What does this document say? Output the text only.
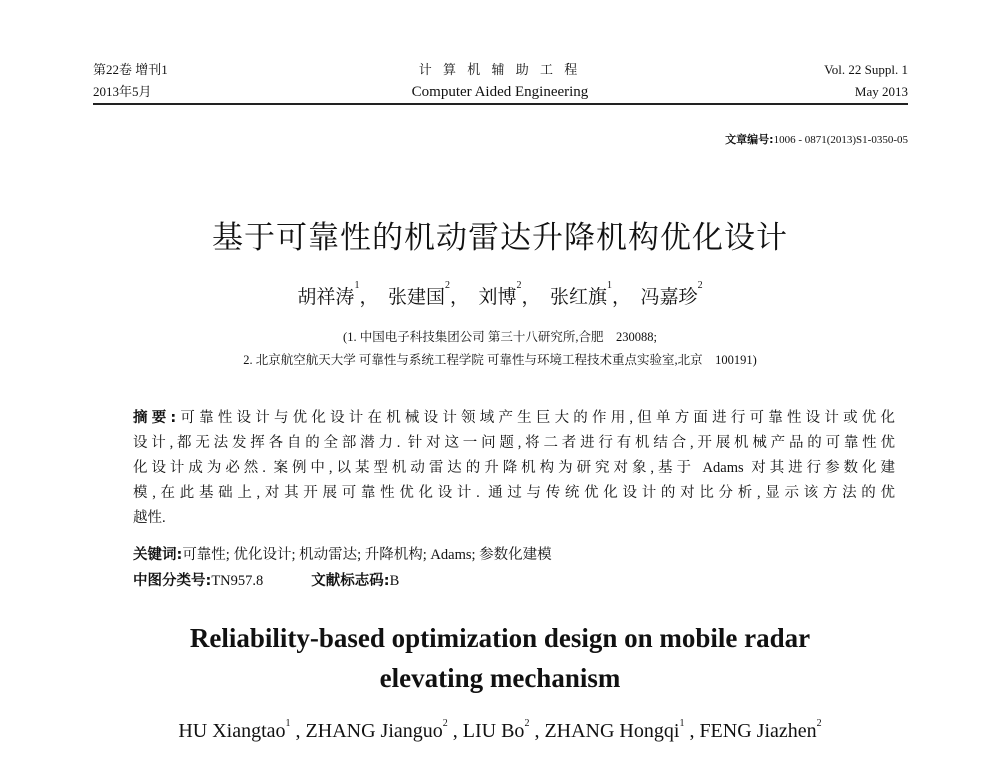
第22卷 增刊1
2013年5月
计 算 机 辅 助 工 程
Computer Aided Engineering
Vol. 22 Suppl. 1
May 2013
文章编号:1006 - 0871(2013)S1-0350-05
基于可靠性的机动雷达升降机构优化设计
胡祥涛$^1$，　张建国$^2$，　刘博$^2$，　张红旗$^1$，　冯嘉珍$^2$
(1. 中国电子科技集团公司 第三十八研究所,合肥　230088;
2. 北京航空航天大学 可靠性与系统工程学院 可靠性与环境工程技术重点实验室,北京　100191)
摘要:可靠性设计与优化设计在机械设计领域产生巨大的作用,但单方面进行可靠性设计或优化
设计,都无法发挥各自的全部潜力. 针对这一问题,将二者进行有机结合,开展机械产品的可靠性优
化设计成为必然. 案例中,以某型机动雷达的升降机构为研究对象,基于 Adams 对其进行参数化建
模,在此基础上,对其开展可靠性优化设计. 通过与传统优化设计的对比分析,显示该方法的优
越性.
关键词:可靠性; 优化设计; 机动雷达; 升降机构; Adams; 参数化建模
中图分类号:TN957.8	文献标志码:B
Reliability-based optimization design on mobile radar
elevating mechanism
HU Xiangtao$^1$ , ZHANG Jianguo$^2$ , LIU Bo$^2$ , ZHANG Hongqi$^1$ , FENG Jiazhen$^2$
